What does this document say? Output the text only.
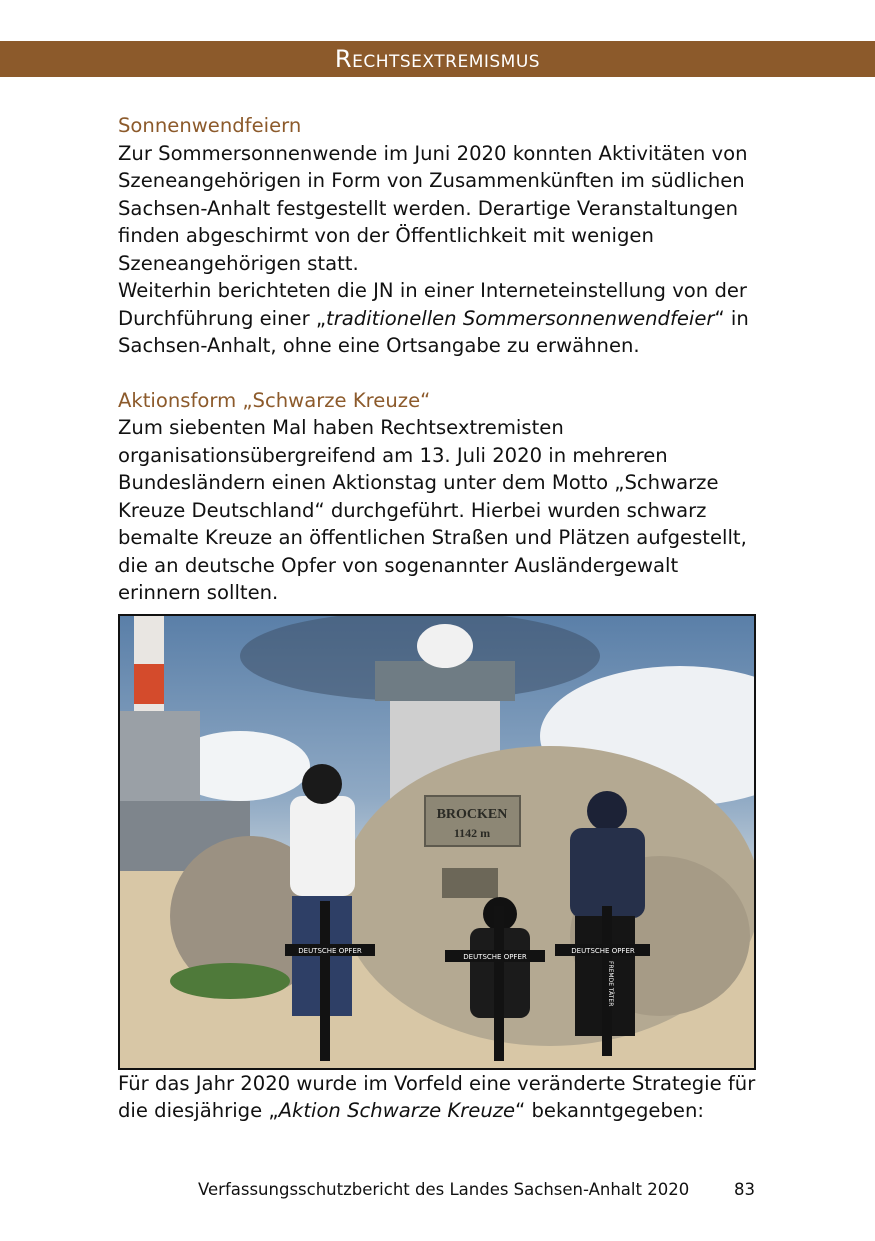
Rechtsextremismus

Sonnenwendfeiern

Zur Sommersonnenwende im Juni 2020 konnten Aktivitäten von Szeneangehörigen in Form von Zusammenkünften im südlichen Sachsen-Anhalt festgestellt werden. Derartige Veranstaltungen finden abgeschirmt von der Öffentlichkeit mit wenigen Szeneangehörigen statt.

Weiterhin berichteten die JN in einer Interneteinstellung von der Durchführung einer „traditionellen Sommersonnenwendfeier“ in Sachsen-Anhalt, ohne eine Ortsangabe zu erwähnen.

Aktionsform „Schwarze Kreuze“

Zum siebenten Mal haben Rechtsextremisten organisationsübergreifend am 13. Juli 2020 in mehreren Bundesländern einen Aktionstag unter dem Motto „Schwarze Kreuze Deutschland“ durchgeführt. Hierbei wurden schwarz bemalte Kreuze an öffentlichen Straßen und Plätzen aufgestellt, die an deutsche Opfer von sogenannter Ausländergewalt erinnern sollten.

BROCKEN
1142 m
DEUTSCHE OPFER
DEUTSCHE OPFER
DEUTSCHE OPFER
FREMDE TÄTER

Für das Jahr 2020 wurde im Vorfeld eine veränderte Strategie für die diesjährige „Aktion Schwarze Kreuze“ bekanntgegeben:

Verfassungsschutzbericht des Landes Sachsen-Anhalt 2020	83
